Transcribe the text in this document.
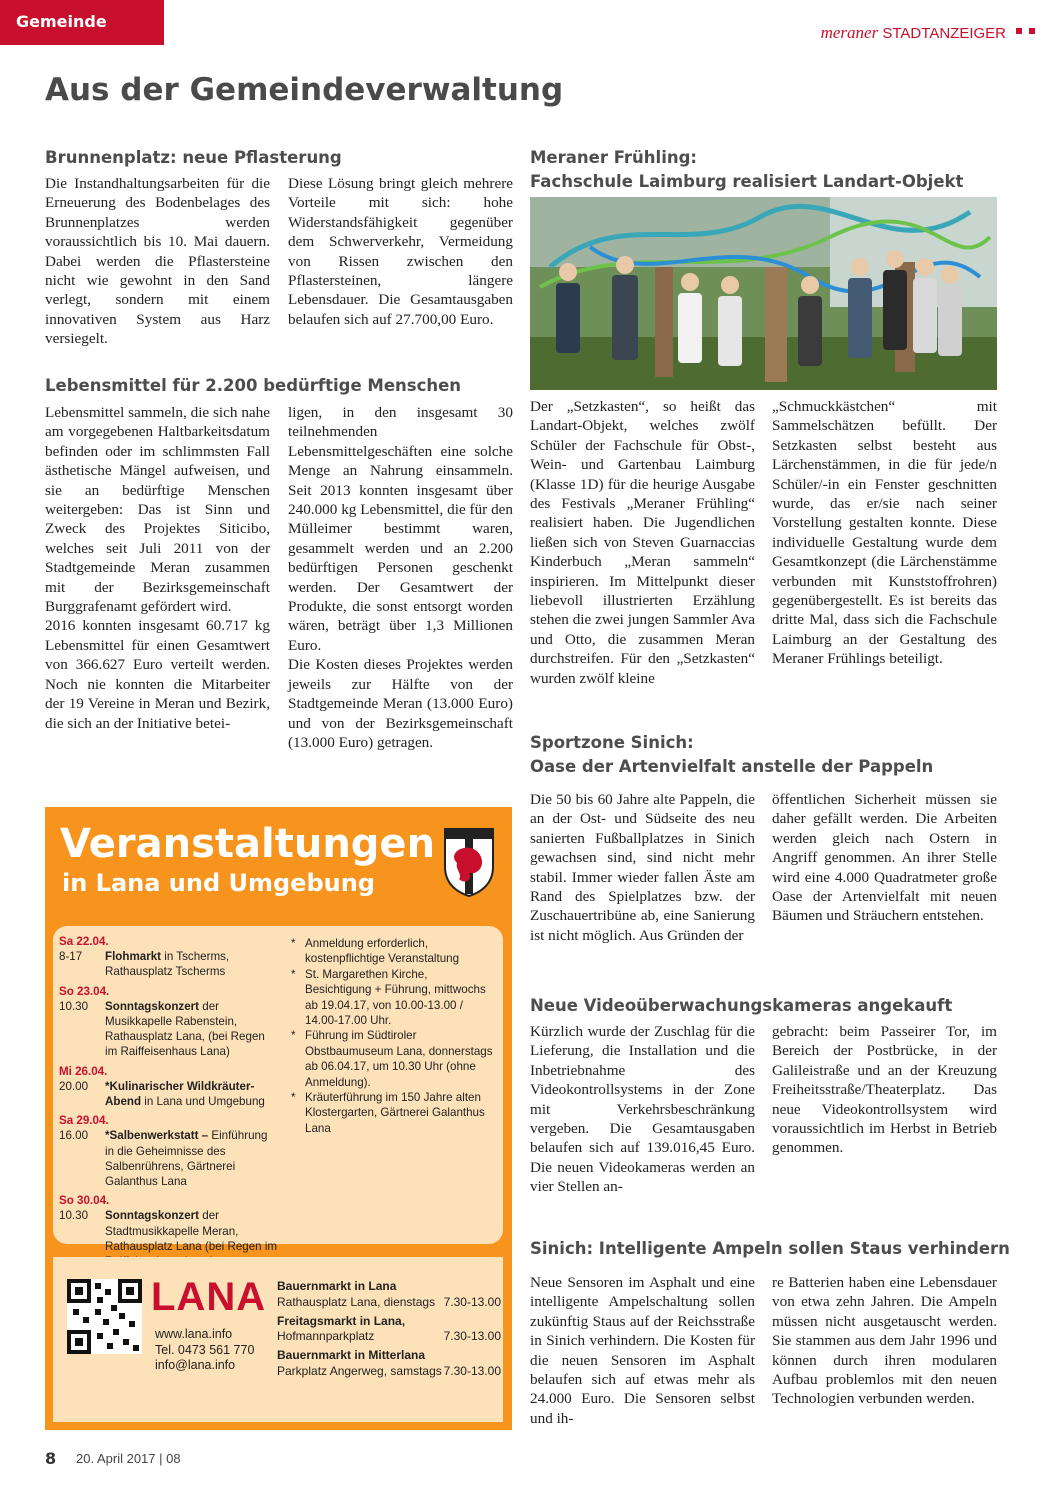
Gemeinde
meraner STADTANZEIGER
Aus der Gemeindeverwaltung
Brunnenplatz: neue Pflasterung
Die Instandhaltungsarbeiten für die Erneuerung des Bodenbelages des Brunnenplatzes werden voraussichtlich bis 10. Mai dauern. Dabei werden die Pflastersteine nicht wie gewohnt in den Sand verlegt, sondern mit einem innovativen System aus Harz versiegelt.
Diese Lösung bringt gleich mehrere Vorteile mit sich: hohe Widerstandsfähigkeit gegenüber dem Schwerverkehr, Vermeidung von Rissen zwischen den Pflastersteinen, längere Lebensdauer. Die Gesamtausgaben belaufen sich auf 27.700,00 Euro.
Lebensmittel für 2.200 bedürftige Menschen
Lebensmittel sammeln, die sich nahe am vorgegebenen Haltbarkeitsdatum befinden oder im schlimmsten Fall ästhetische Mängel aufweisen, und sie an bedürftige Menschen weitergeben: Das ist Sinn und Zweck des Projektes Siticibo, welches seit Juli 2011 von der Stadtgemeinde Meran zusammen mit der Bezirksgemeinschaft Burggrafenamt gefördert wird.
2016 konnten insgesamt 60.717 kg Lebensmittel für einen Gesamtwert von 366.627 Euro verteilt werden. Noch nie konnten die Mitarbeiter der 19 Vereine in Meran und Bezirk, die sich an der Initiative betei-
ligen, in den insgesamt 30 teilnehmenden Lebensmittelgeschäften eine solche Menge an Nahrung einsammeln. Seit 2013 konnten insgesamt über 240.000 kg Lebensmittel, die für den Mülleimer bestimmt waren, gesammelt werden und an 2.200 bedürftigen Personen geschenkt werden. Der Gesamtwert der Produkte, die sonst entsorgt worden wären, beträgt über 1,3 Millionen Euro.
Die Kosten dieses Projektes werden jeweils zur Hälfte von der Stadtgemeinde Meran (13.000 Euro) und von der Bezirksgemeinschaft (13.000 Euro) getragen.
Meraner Frühling:
Fachschule Laimburg realisiert Landart-Objekt
Der „Setzkasten“, so heißt das Landart-Objekt, welches zwölf Schüler der Fachschule für Obst-, Wein- und Gartenbau Laimburg (Klasse 1D) für die heurige Ausgabe des Festivals „Meraner Frühling“ realisiert haben. Die Jugendlichen ließen sich von Steven Guarnaccias Kinderbuch „Meran sammeln“ inspirieren. Im Mittelpunkt dieser liebevoll illustrierten Erzählung stehen die zwei jungen Sammler Ava und Otto, die zusammen Meran durchstreifen. Für den „Setzkasten“ wurden zwölf kleine
„Schmuckkästchen“ mit Sammelschätzen befüllt. Der Setzkasten selbst besteht aus Lärchenstämmen, in die für jede/n Schüler/-in ein Fenster geschnitten wurde, das er/sie nach seiner Vorstellung gestalten konnte. Diese individuelle Gestaltung wurde dem Gesamtkonzept (die Lärchenstämme verbunden mit Kunststoffrohren) gegenübergestellt. Es ist bereits das dritte Mal, dass sich die Fachschule Laimburg an der Gestaltung des Meraner Frühlings beteiligt.
Sportzone Sinich:
Oase der Artenvielfalt anstelle der Pappeln
Die 50 bis 60 Jahre alte Pappeln, die an der Ost- und Südseite des neu sanierten Fußballplatzes in Sinich gewachsen sind, sind nicht mehr stabil. Immer wieder fallen Äste am Rand des Spielplatzes bzw. der Zuschauertribüne ab, eine Sanierung ist nicht möglich. Aus Gründen der
öffentlichen Sicherheit müssen sie daher gefällt werden. Die Arbeiten werden gleich nach Ostern in Angriff genommen. An ihrer Stelle wird eine 4.000 Quadratmeter große Oase der Artenvielfalt mit neuen Bäumen und Sträuchern entstehen.
Neue Videoüberwachungskameras angekauft
Kürzlich wurde der Zuschlag für die Lieferung, die Installation und die Inbetriebnahme des Videokontrollsystems in der Zone mit Verkehrsbeschränkung vergeben. Die Gesamtausgaben belaufen sich auf 139.016,45 Euro. Die neuen Videokameras werden an vier Stellen an-
gebracht: beim Passeirer Tor, im Bereich der Postbrücke, in der Galileistraße und an der Kreuzung Freiheitsstraße/Theaterplatz. Das neue Videokontrollsystem wird voraussichtlich im Herbst in Betrieb genommen.
Sinich: Intelligente Ampeln sollen Staus verhindern
Neue Sensoren im Asphalt und eine intelligente Ampelschaltung sollen zukünftig Staus auf der Reichsstraße in Sinich verhindern. Die Kosten für die neuen Sensoren im Asphalt belaufen sich auf etwas mehr als 24.000 Euro. Die Sensoren selbst und ih-
re Batterien haben eine Lebensdauer von etwa zehn Jahren. Die Ampeln müssen nicht ausgetauscht werden. Sie stammen aus dem Jahr 1996 und können durch ihren modularen Aufbau problemlos mit den neuen Technologien verbunden werden.
Veranstaltungen
in Lana und Umgebung
Sa 22.04.
8-17	Flohmarkt in Tscherms, Rathausplatz Tscherms
So 23.04.
10.30	Sonntagskonzert der Musikkapelle Rabenstein, Rathausplatz Lana, (bei Regen im Raiffeisenhaus Lana)
Mi 26.04.
20.00	*Kulinarischer Wildkräuter-Abend in Lana und Umgebung
Sa 29.04.
16.00	*Salbenwerkstatt – Einführung in die Geheimnisse des Salbenrührens, Gärtnerei Galanthus Lana
So 30.04.
10.30	Sonntagskonzert der Stadtmusikkapelle Meran, Rathausplatz Lana (bei Regen im
* Anmeldung erforderlich, kostenpflichtige Veranstaltung
* St. Margarethen Kirche, Besichtigung + Führung, mittwochs ab 19.04.17, von 10.00-13.00 / 14.00-17.00 Uhr.
* Führung im Südtiroler Obstbaumuseum Lana, donnerstags ab 06.04.17, um 10.30 Uhr (ohne Anmeldung).
* Kräuterführung im 150 Jahre alten Klostergarten, Gärtnerei Galanthus Lana
LANA
www.lana.info
Tel. 0473 561 770
info@lana.info
Bauernmarkt in Lana
Rathausplatz Lana, dienstags 7.30-13.00
Freitagsmarkt in Lana,
Hofmannparkplatz	7.30-13.00
Bauernmarkt in Mitterlana
Parkplatz Angerweg, samstags 7.30-13.00
8 20. April 2017 | 08
